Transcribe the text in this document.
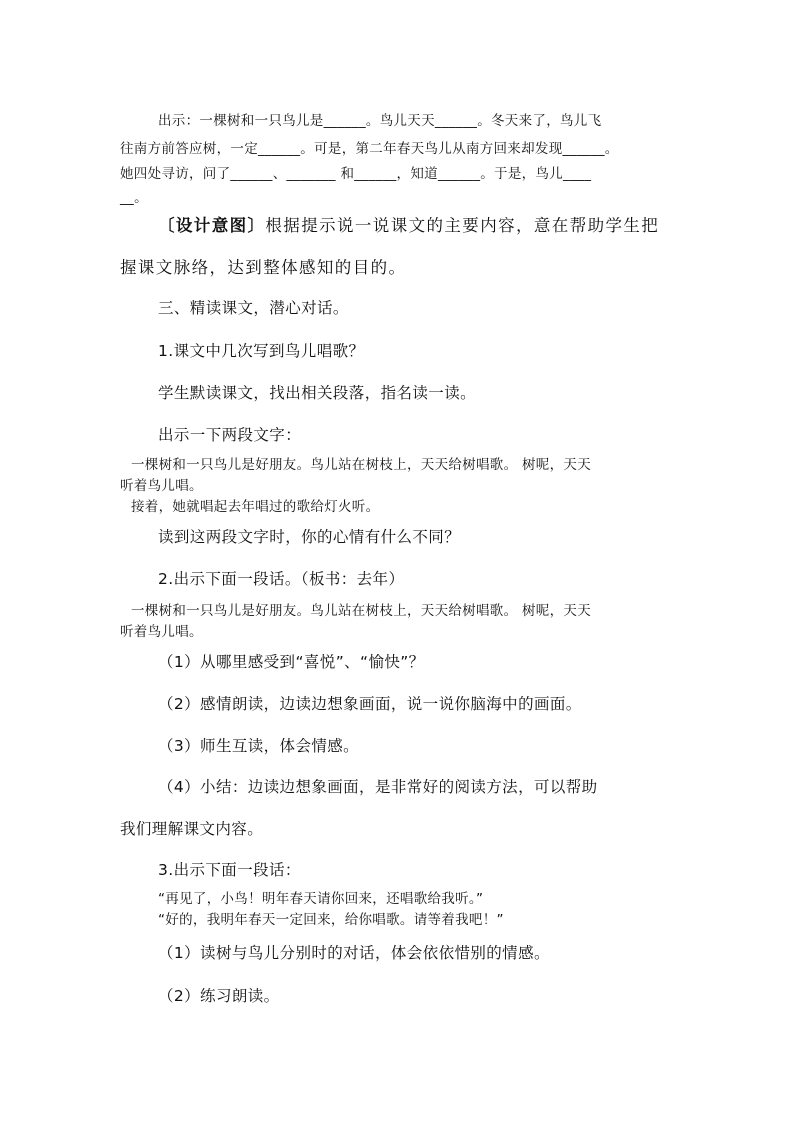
出示：一棵树和一只鸟儿是______。鸟儿天天______。冬天来了，鸟儿飞
往南方前答应树，一定______。可是，第二年春天鸟儿从南方回来却发现______。
她四处寻访，问了______、_______ 和______，知道______。于是，鸟儿____
__。
〔设计意图〕根据提示说一说课文的主要内容，意在帮助学生把
握课文脉络，达到整体感知的目的。
三、精读课文，潜心对话。
1.课文中几次写到鸟儿唱歌？
学生默读课文，找出相关段落，指名读一读。
出示一下两段文字：
一棵树和一只鸟儿是好朋友。鸟儿站在树枝上，天天给树唱歌。 树呢，天天
听着鸟儿唱。
接着，她就唱起去年唱过的歌给灯火听。
读到这两段文字时，你的心情有什么不同？
2.出示下面一段话。（板书：去年）
一棵树和一只鸟儿是好朋友。鸟儿站在树枝上，天天给树唱歌。 树呢，天天
听着鸟儿唱。
（1）从哪里感受到“喜悦”、“愉快”？
（2）感情朗读，边读边想象画面，说一说你脑海中的画面。
（3）师生互读，体会情感。
（4）小结：边读边想象画面，是非常好的阅读方法，可以帮助
我们理解课文内容。
3.出示下面一段话：
“再见了，小鸟！明年春天请你回来，还唱歌给我听。”
“好的，我明年春天一定回来，给你唱歌。请等着我吧！”
（1）读树与鸟儿分别时的对话，体会依依惜别的情感。
（2）练习朗读。
